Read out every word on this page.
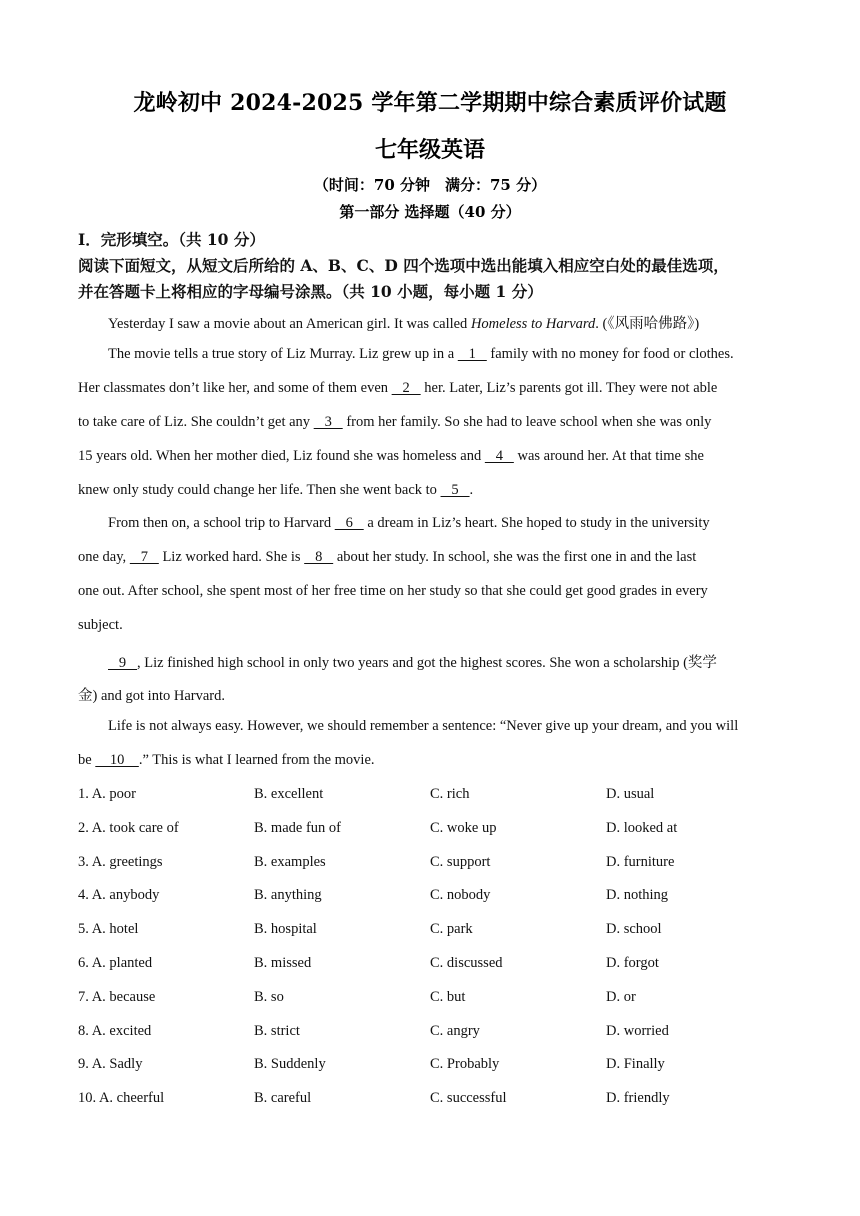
龙岭初中 2024-2025 学年第二学期期中综合素质评价试题
七年级英语
（时间：70 分钟　满分：75 分）
第一部分 选择题（40 分）
Ⅰ．完形填空。（共 10 分）
阅读下面短文，从短文后所给的 A、B、C、D 四个选项中选出能填入相应空白处的最佳选项，
并在答题卡上将相应的字母编号涂黑。（共 10 小题，每小题 1 分）
Yesterday I saw a movie about an American girl. It was called Homeless to Harvard. (《风雨哈佛路》)
The movie tells a true story of Liz Murray. Liz grew up in a    1    family with no money for food or clothes.
Her classmates don’t like her, and some of them even    2    her. Later, Liz’s parents got ill. They were not able
to take care of Liz. She couldn’t get any    3    from her family. So she had to leave school when she was only
15 years old. When her mother died, Liz found she was homeless and    4    was around her. At that time she
knew only study could change her life. Then she went back to    5   .
From then on, a school trip to Harvard    6    a dream in Liz’s heart. She hoped to study in the university
one day,    7    Liz worked hard. She is    8    about her study. In school, she was the first one in and the last
one out. After school, she spent most of her free time on her study so that she could get good grades in every
subject.
9   , Liz finished high school in only two years and got the highest scores. She won a scholarship (奖学
金) and got into Harvard.
Life is not always easy. However, we should remember a sentence: “Never give up your dream, and you will
be     10    .” This is what I learned from the movie.
1. A. poor	B. excellent	C. rich	D. usual
2. A. took care of	B. made fun of	C. woke up	D. looked at
3. A. greetings	B. examples	C. support	D. furniture
4. A. anybody	B. anything	C. nobody	D. nothing
5. A. hotel	B. hospital	C. park	D. school
6. A. planted	B. missed	C. discussed	D. forgot
7. A. because	B. so	C. but	D. or
8. A. excited	B. strict	C. angry	D. worried
9. A. Sadly	B. Suddenly	C. Probably	D. Finally
10. A. cheerful	B. careful	C. successful	D. friendly
